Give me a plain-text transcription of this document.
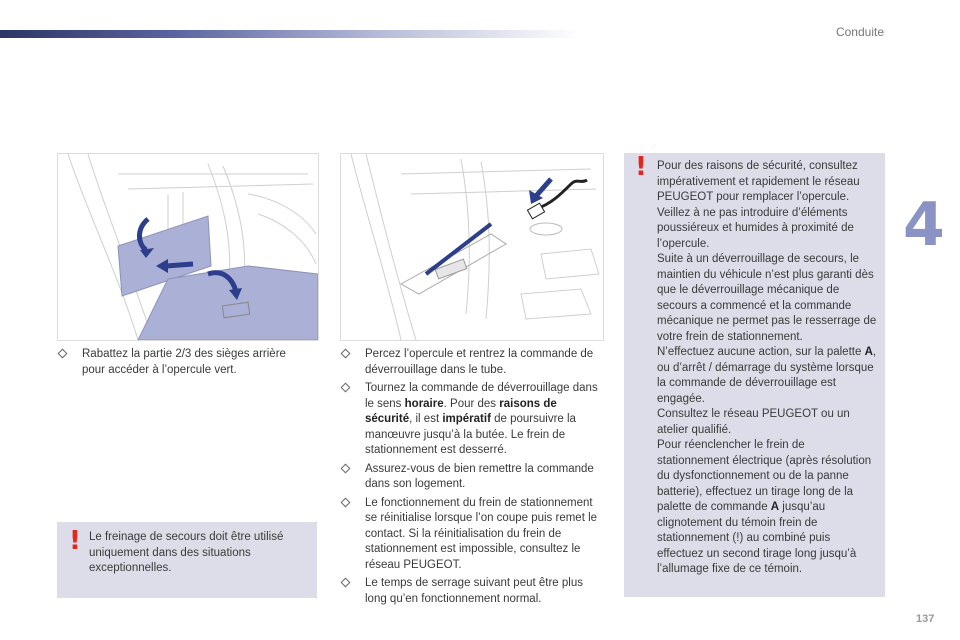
Conduite
4
Rabattez la partie 2/3 des sièges arrière pour accéder à l’opercule vert.
Percez l’opercule et rentrez la commande de déverrouillage dans le tube.
Tournez la commande de déverrouillage dans le sens horaire. Pour des raisons de sécurité, il est impératif de poursuivre la manœuvre jusqu’à la butée. Le frein de stationnement est desserré.
Assurez-vous de bien remettre la commande dans son logement.
Le fonctionnement du frein de stationnement se réinitialise lorsque l’on coupe puis remet le contact. Si la réinitialisation du frein de stationnement est impossible, consultez le réseau PEUGEOT.
Le temps de serrage suivant peut être plus long qu’en fonctionnement normal.
! Le freinage de secours doit être utilisé uniquement dans des situations exceptionnelles.
! Pour des raisons de sécurité, consultez impérativement et rapidement le réseau PEUGEOT pour remplacer l’opercule.
Veillez à ne pas introduire d’éléments poussiéreux et humides à proximité de l’opercule.
Suite à un déverrouillage de secours, le maintien du véhicule n’est plus garanti dès que le déverrouillage mécanique de secours a commencé et la commande mécanique ne permet pas le resserrage de votre frein de stationnement.
N’effectuez aucune action, sur la palette A, ou d’arrêt / démarrage du système lorsque la commande de déverrouillage est engagée.
Consultez le réseau PEUGEOT ou un atelier qualifié.
Pour réenclencher le frein de stationnement électrique (après résolution du dysfonctionnement ou de la panne batterie), effectuez un tirage long de la palette de commande A jusqu’au clignotement du témoin frein de stationnement (!) au combiné puis effectuez un second tirage long jusqu’à l’allumage fixe de ce témoin.
137
